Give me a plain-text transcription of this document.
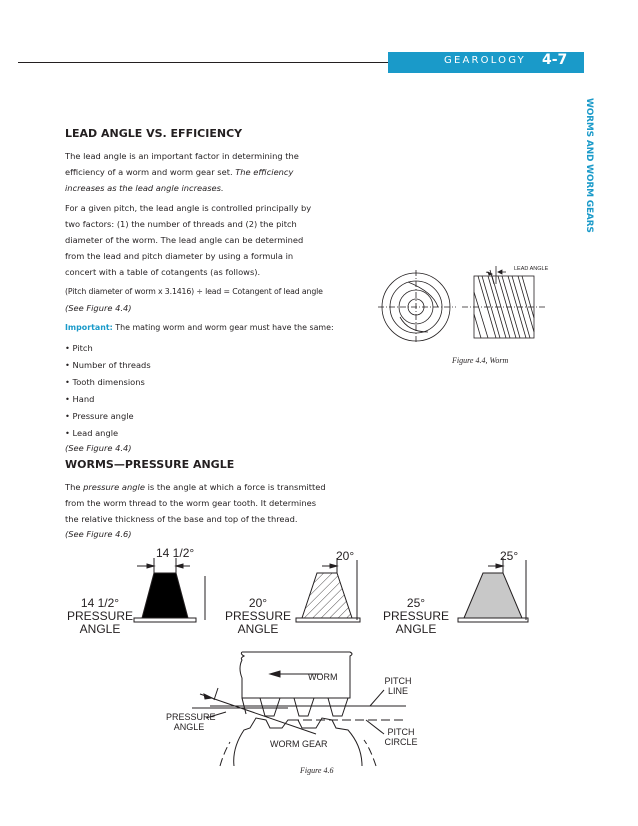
GEAROLOGY 4-7
WORMS AND WORM GEARS
LEAD ANGLE VS. EFFICIENCY
The lead angle is an important factor in determining the
efficiency of a worm and worm gear set. The efficiency
increases as the lead angle increases.
For a given pitch, the lead angle is controlled principally by
two factors: (1) the number of threads and (2) the pitch
diameter of the worm. The lead angle can be determined
from the lead and pitch diameter by using a formula in
concert with a table of cotangents (as follows).
(Pitch diameter of worm x 3.1416) ÷ lead = Cotangent of lead angle
(See Figure 4.4)
Important: The mating worm and worm gear must have the same:
• Pitch
• Number of threads
• Tooth dimensions
• Hand
• Pressure angle
• Lead angle
(See Figure 4.4)
LEAD ANGLE
Figure 4.4, Worm
WORMS—PRESSURE ANGLE
The pressure angle is the angle at which a force is transmitted
from the worm thread to the worm gear tooth. It determines
the relative thickness of the base and top of the thread.
(See Figure 4.6)
14 1/2°	20°	25°
14 1/2°
PRESSURE
ANGLE
20°
PRESSURE
ANGLE
25°
PRESSURE
ANGLE
WORM	PITCH
LINE
PRESSURE
ANGLE
WORM GEAR
PITCH
CIRCLE
Figure 4.6
